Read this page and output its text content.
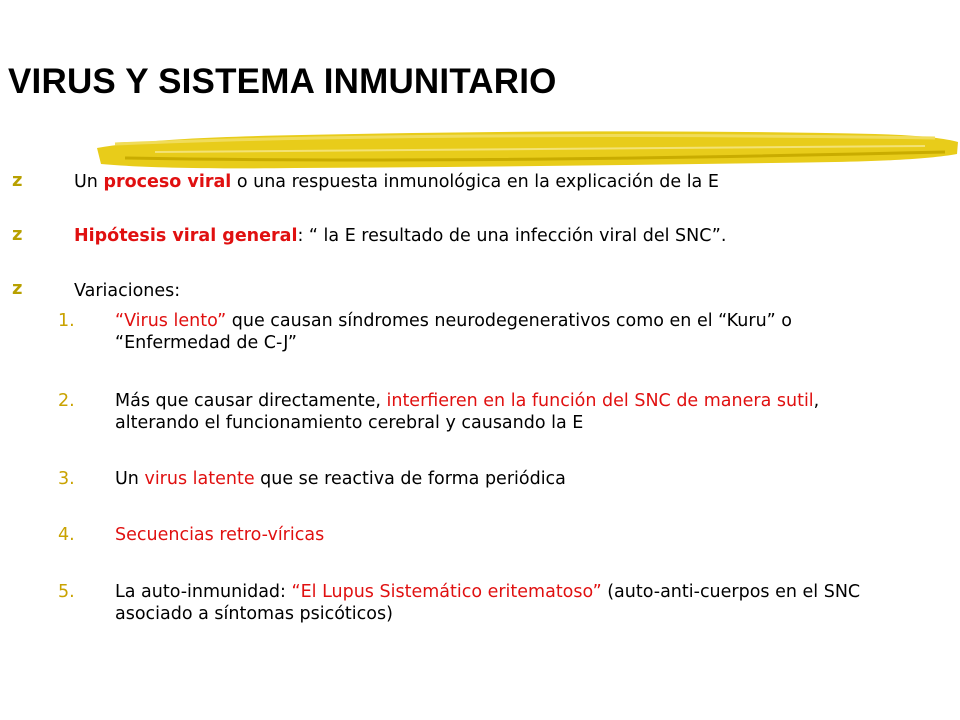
VIRUS Y SISTEMA INMUNITARIO
z	Un proceso viral o una respuesta inmunológica en la explicación de la E
z	Hipótesis viral general: “ la E resultado de una infección viral del SNC”.
z	Variaciones:
1. “Virus lento” que causan síndromes neurodegenerativos como en el “Kuru” o
“Enfermedad de C-J”
2. Más que causar directamente, interfieren en la función del SNC de manera sutil,
alterando el funcionamiento cerebral y causando la E
3. Un virus latente que se reactiva de forma periódica
4. Secuencias retro-víricas
5. La auto-inmunidad: “El Lupus Sistemático eritematoso” (auto-anti-cuerpos en el SNC
asociado a síntomas psicóticos)
